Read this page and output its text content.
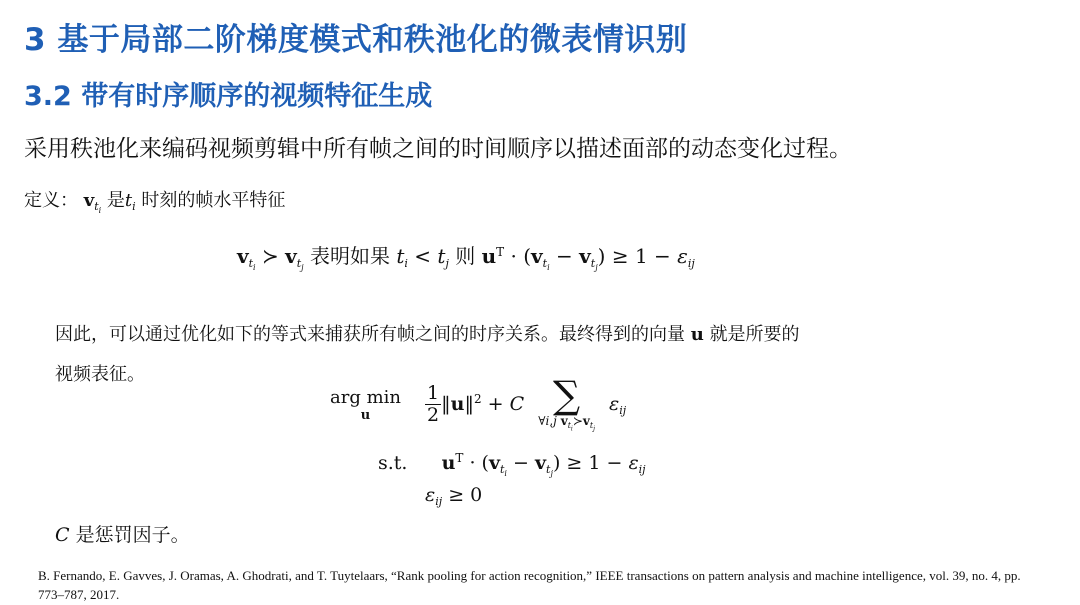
3 基于局部二阶梯度模式和秩池化的微表情识别
3.2 带有时序顺序的视频特征生成
采用秩池化来编码视频剪辑中所有帧之间的时间顺序以描述面部的动态变化过程。
定义： $v_{t_i}$ 是$t_i$ 时刻的帧水平特征
$v_{t_i}$ ≻ $v_{t_j}$ 表明如果 $t_i < t_j$ 则 $u^T \cdot (v_{t_i} - v_{t_j}) \ge 1 - \varepsilon_{ij}$
因此，可以通过优化如下的等式来捕获所有帧之间的时序关系。最终得到的向量 u 就是所要的
视频表征。
arg min
u
	$\frac{1}{2}$ ‖u‖$^2$ + C ∑
∀i,j $v_{t_i}≻v_{t_j}$
$\varepsilon_{ij}$
s.t. $u^T \cdot (v_{t_i} - v_{t_j}) \ge 1 - \varepsilon_{ij}$
$\varepsilon_{ij} \ge 0$
C 是惩罚因子。
B. Fernando, E. Gavves, J. Oramas, A. Ghodrati, and T. Tuytelaars, “Rank pooling for action recognition,” IEEE transactions on pattern analysis and machine intelligence, vol. 39, no. 4, pp. 773–787, 2017.
